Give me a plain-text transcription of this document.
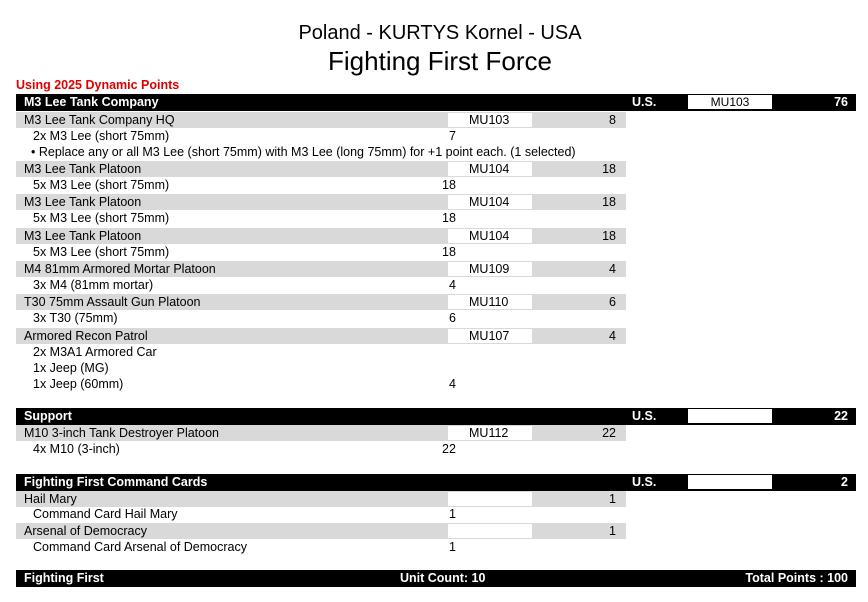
Poland - KURTYS Kornel - USA
Fighting First Force
Using 2025 Dynamic Points
M3 Lee Tank Company	U.S.	MU103	76
M3 Lee Tank Company HQ	MU103	8
2x M3 Lee (short 75mm)	7
• Replace any or all M3 Lee (short 75mm) with M3 Lee (long 75mm) for +1 point each. (1 selected)
M3 Lee Tank Platoon	MU104	18
5x M3 Lee (short 75mm)	18
M3 Lee Tank Platoon	MU104	18
5x M3 Lee (short 75mm)	18
M3 Lee Tank Platoon	MU104	18
5x M3 Lee (short 75mm)	18
M4 81mm Armored Mortar Platoon	MU109	4
3x M4 (81mm mortar)	4
T30 75mm Assault Gun Platoon	MU110	6
3x T30 (75mm)	6
Armored Recon Patrol	MU107	4
2x M3A1 Armored Car
1x Jeep (MG)
1x Jeep (60mm)	4
Support	U.S.	22
M10 3-inch Tank Destroyer Platoon	MU112	22
4x M10 (3-inch)	22
Fighting First Command Cards	U.S.	2
Hail Mary	1
Command Card Hail Mary	1
Arsenal of Democracy	1
Command Card Arsenal of Democracy	1
Fighting First	Unit Count: 10	Total Points : 100
